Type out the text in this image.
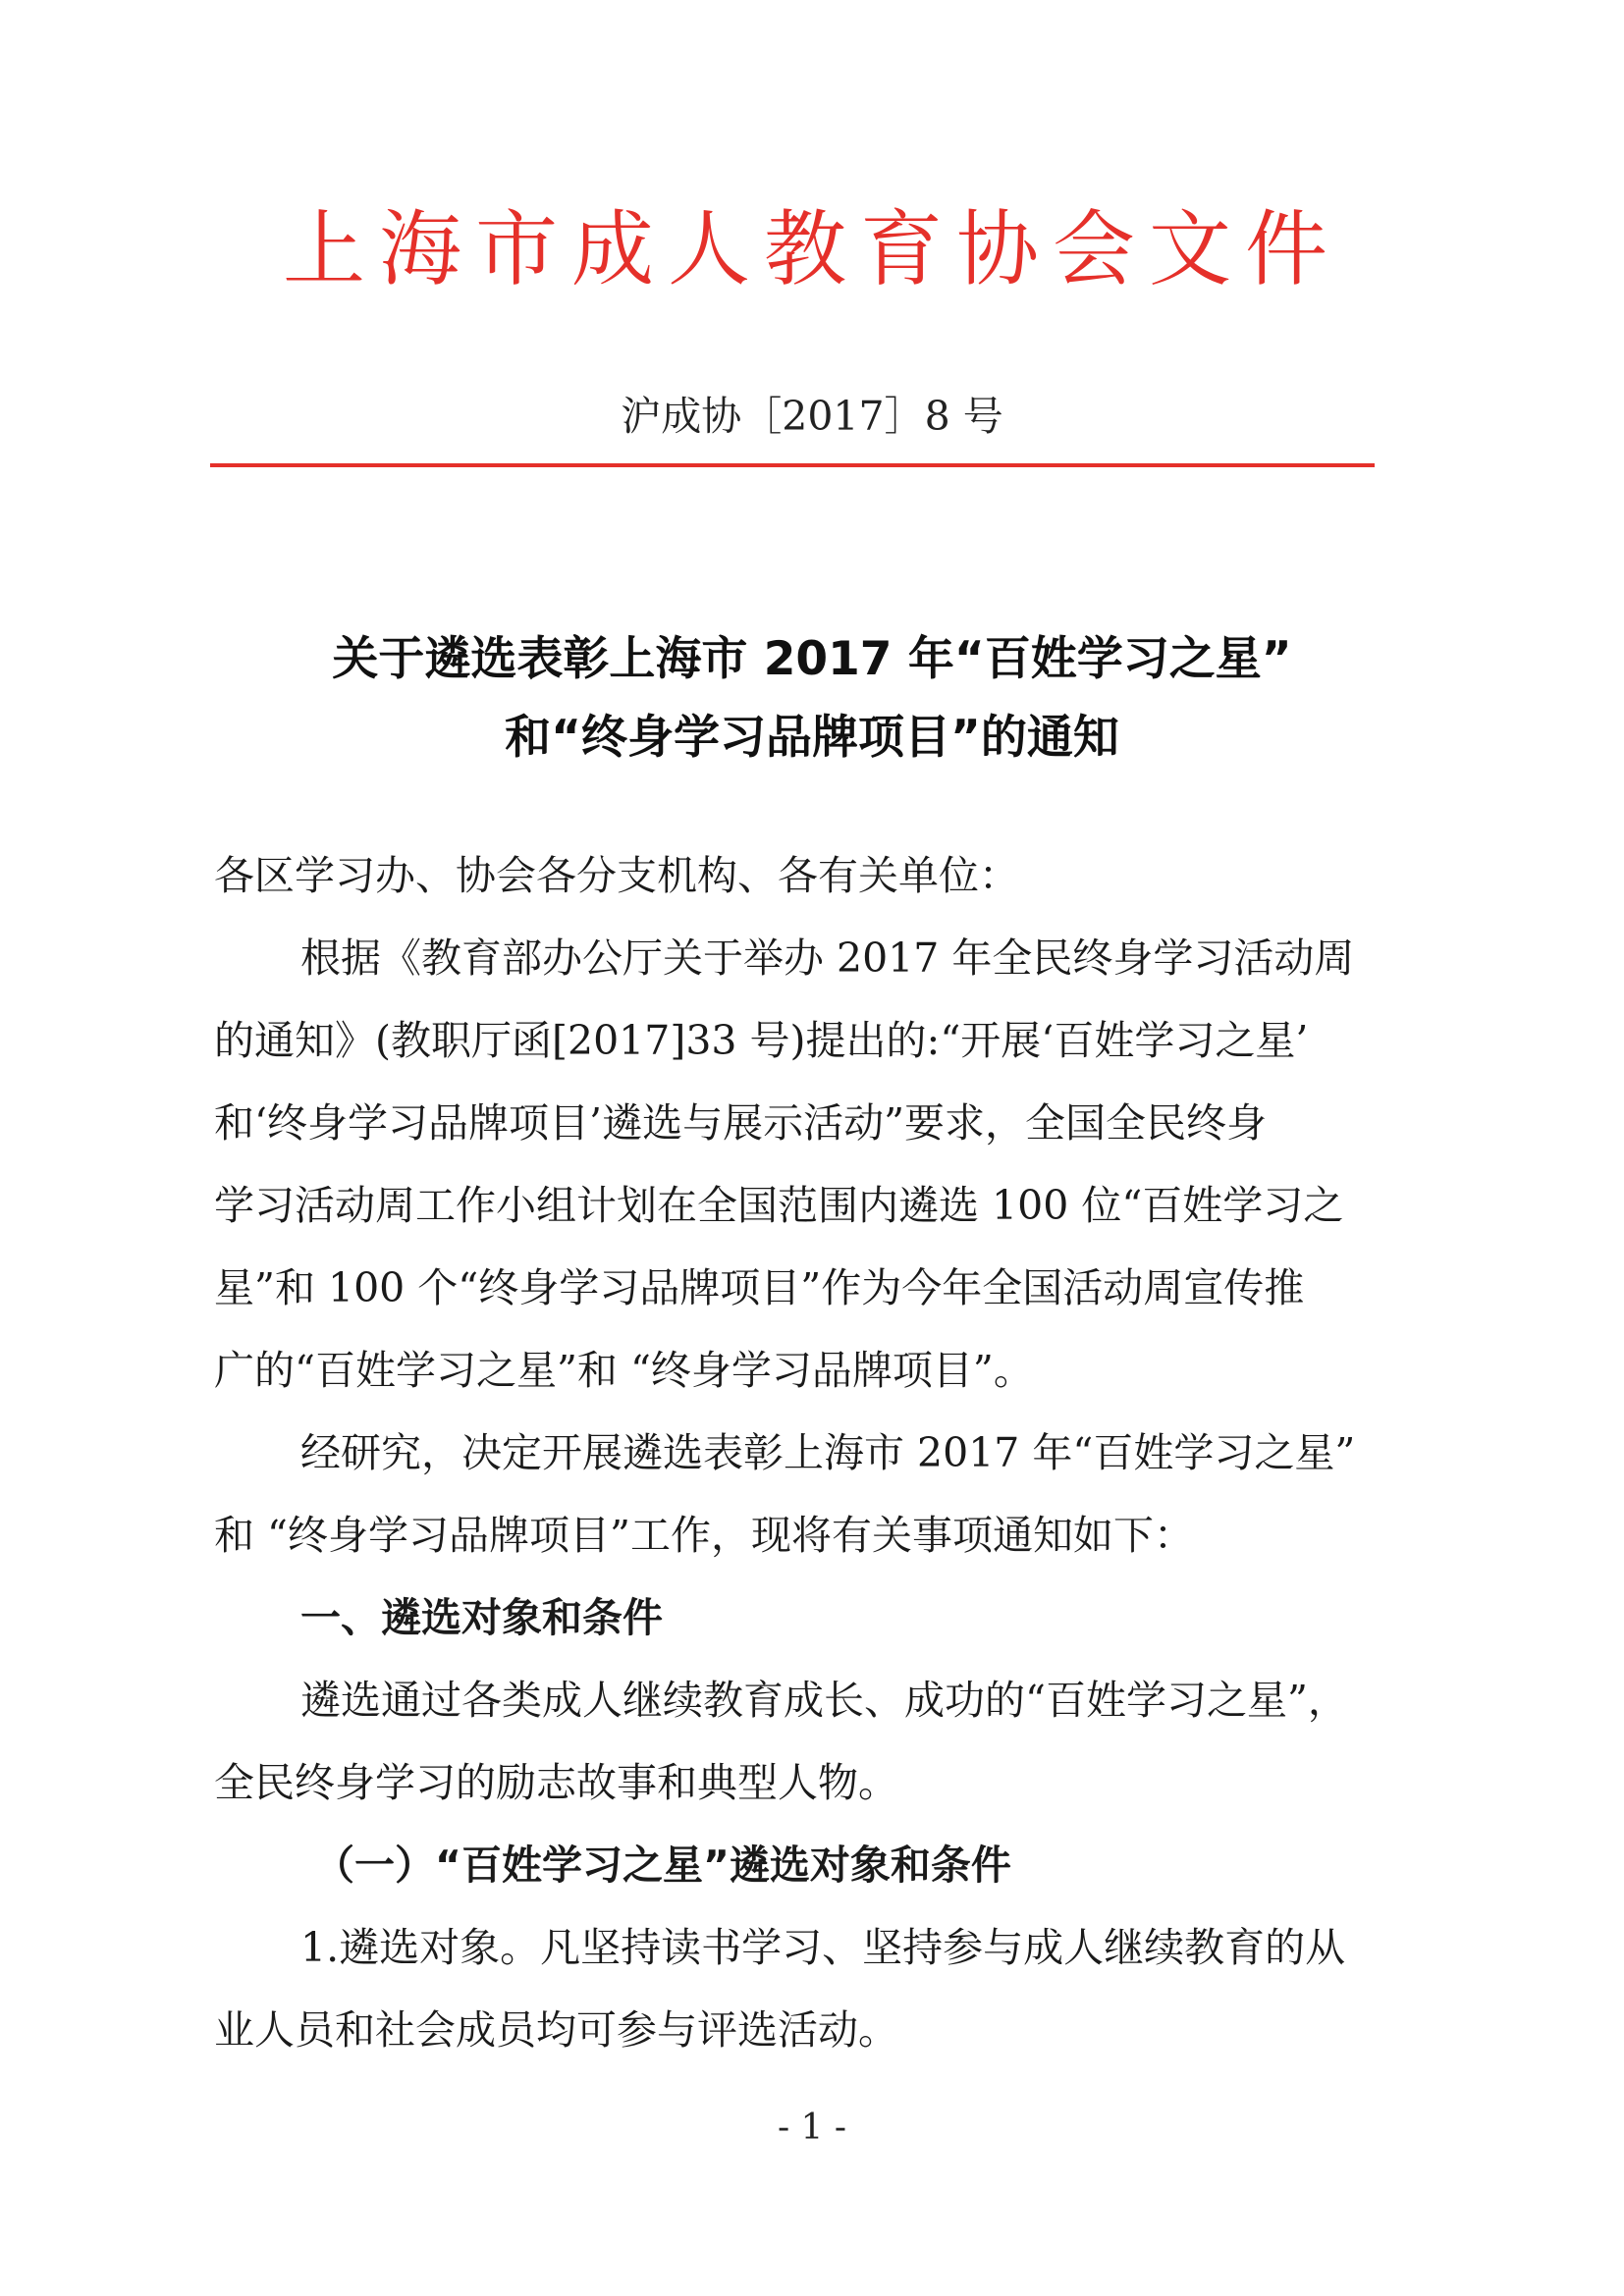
上海市成人教育协会文件
沪成协［2017］8 号
关于遴选表彰上海市 2017 年“百姓学习之星”
和“终身学习品牌项目”的通知
各区学习办、协会各分支机构、各有关单位：
根据《教育部办公厅关于举办 2017 年全民终身学习活动周
的通知》(教职厅函[2017]33 号)提出的:“开展‘百姓学习之星’
和‘终身学习品牌项目’遴选与展示活动”要求，全国全民终身
学习活动周工作小组计划在全国范围内遴选 100 位“百姓学习之
星”和 100 个“终身学习品牌项目”作为今年全国活动周宣传推
广的“百姓学习之星”和 “终身学习品牌项目”。
经研究，决定开展遴选表彰上海市 2017 年“百姓学习之星”
和 “终身学习品牌项目”工作，现将有关事项通知如下：
一、遴选对象和条件
遴选通过各类成人继续教育成长、成功的“百姓学习之星”，
全民终身学习的励志故事和典型人物。
（一）“百姓学习之星”遴选对象和条件
1.遴选对象。凡坚持读书学习、坚持参与成人继续教育的从
业人员和社会成员均可参与评选活动。
- 1 -
